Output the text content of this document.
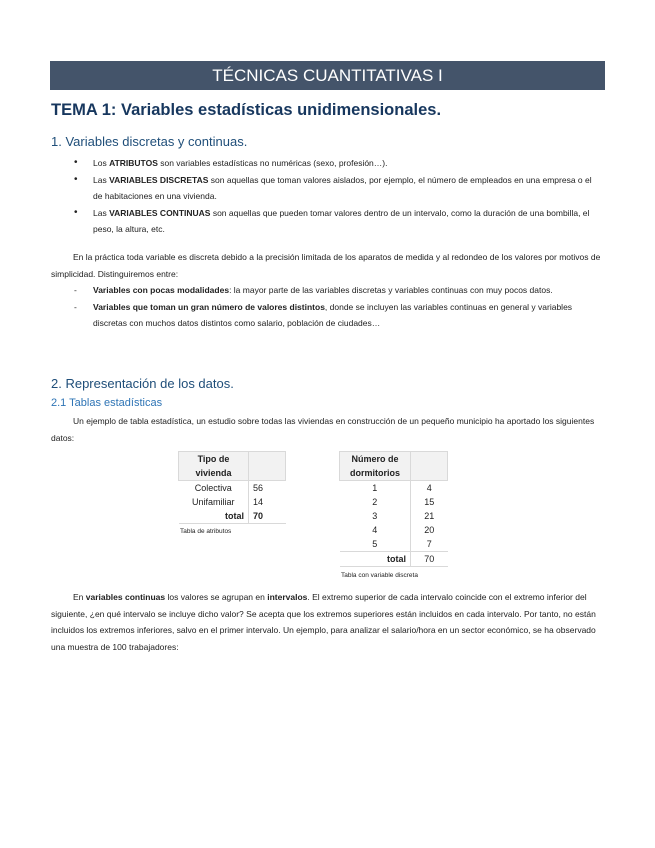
TÉCNICAS CUANTITATIVAS I
TEMA 1: Variables estadísticas unidimensionales.
1. Variables discretas y continuas.
• Los ATRIBUTOS son variables estadísticas no numéricas (sexo, profesión…).
• Las VARIABLES DISCRETAS son aquellas que toman valores aislados, por ejemplo, el número de empleados en una empresa o el de habitaciones en una vivienda.
• Las VARIABLES CONTINUAS son aquellas que pueden tomar valores dentro de un intervalo, como la duración de una bombilla, el peso, la altura, etc.
En la práctica toda variable es discreta debido a la precisión limitada de los aparatos de medida y al redondeo de los valores por motivos de simplicidad. Distinguiremos entre:
- Variables con pocas modalidades: la mayor parte de las variables discretas y variables continuas con muy pocos datos.
- Variables que toman un gran número de valores distintos, donde se incluyen las variables continuas en general y variables discretas con muchos datos distintos como salario, población de ciudades…
2. Representación de los datos.
2.1 Tablas estadísticas
Un ejemplo de tabla estadística, un estudio sobre todas las viviendas en construcción de un pequeño municipio ha aportado los siguientes datos:
Tipo de
vivienda	
Colectiva	56
Unifamiliar	14
total	70
Tabla de atributos
Número de
dormitorios	
1	4
2	15
3	21
4	20
5	7
total	70
Tabla con variable discreta
En variables continuas los valores se agrupan en intervalos. El extremo superior de cada intervalo coincide con el extremo inferior del siguiente, ¿en qué intervalo se incluye dicho valor? Se acepta que los extremos superiores están incluidos en cada intervalo. Por tanto, no están incluidos los extremos inferiores, salvo en el primer intervalo. Un ejemplo, para analizar el salario/hora en un sector económico, se ha observado una muestra de 100 trabajadores:
